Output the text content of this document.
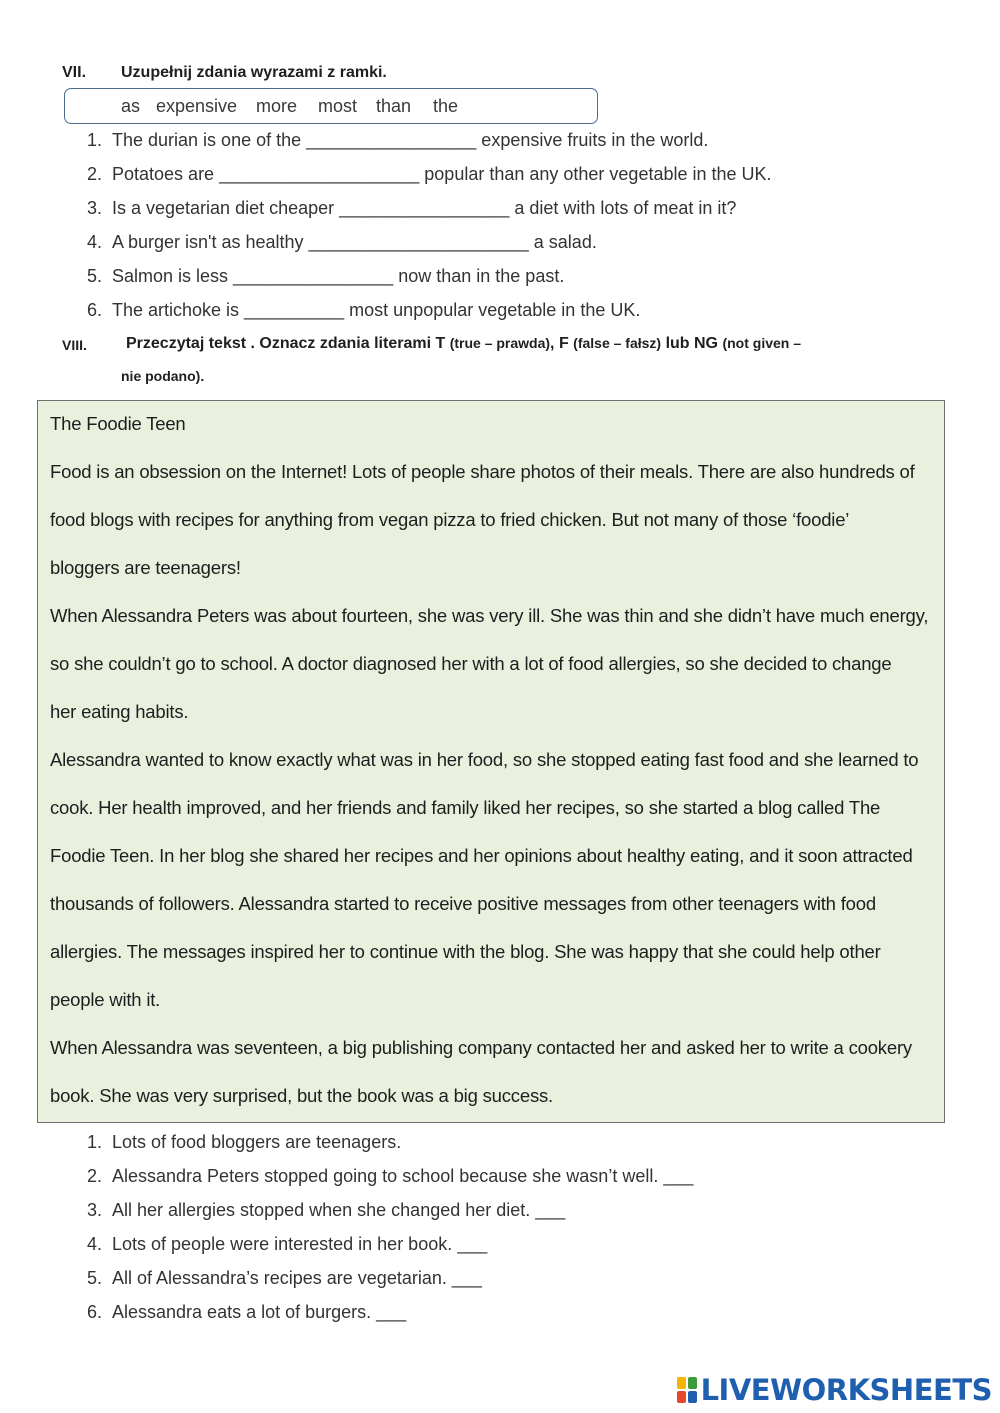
VII. Uzupełnij zdania wyrazami z ramki.
as expensive more most than the
1. The durian is one of the _________________ expensive fruits in the world.
2. Potatoes are ____________________ popular than any other vegetable in the UK.
3. Is a vegetarian diet cheaper _________________ a diet with lots of meat in it?
4. A burger isn't as healthy ______________________ a salad.
5. Salmon is less ________________ now than in the past.
6. The artichoke is __________ most unpopular vegetable in the UK.
VIII. Przeczytaj tekst . Oznacz zdania literami T (true – prawda), F (false – fałsz) lub NG (not given –
nie podano).
The Foodie Teen
Food is an obsession on the Internet! Lots of people share photos of their meals. There are also hundreds of
food blogs with recipes for anything from vegan pizza to fried chicken. But not many of those ‘foodie’
bloggers are teenagers!
When Alessandra Peters was about fourteen, she was very ill. She was thin and she didn’t have much energy,
so she couldn’t go to school. A doctor diagnosed her with a lot of food allergies, so she decided to change
her eating habits.
Alessandra wanted to know exactly what was in her food, so she stopped eating fast food and she learned to
cook. Her health improved, and her friends and family liked her recipes, so she started a blog called The
Foodie Teen. In her blog she shared her recipes and her opinions about healthy eating, and it soon attracted
thousands of followers. Alessandra started to receive positive messages from other teenagers with food
allergies. The messages inspired her to continue with the blog. She was happy that she could help other
people with it.
When Alessandra was seventeen, a big publishing company contacted her and asked her to write a cookery
book. She was very surprised, but the book was a big success.
1. Lots of food bloggers are teenagers.
2. Alessandra Peters stopped going to school because she wasn’t well. ___
3. All her allergies stopped when she changed her diet. ___
4. Lots of people were interested in her book. ___
5. All of Alessandra’s recipes are vegetarian. ___
6. Alessandra eats a lot of burgers. ___
LIVEWORKSHEETS
